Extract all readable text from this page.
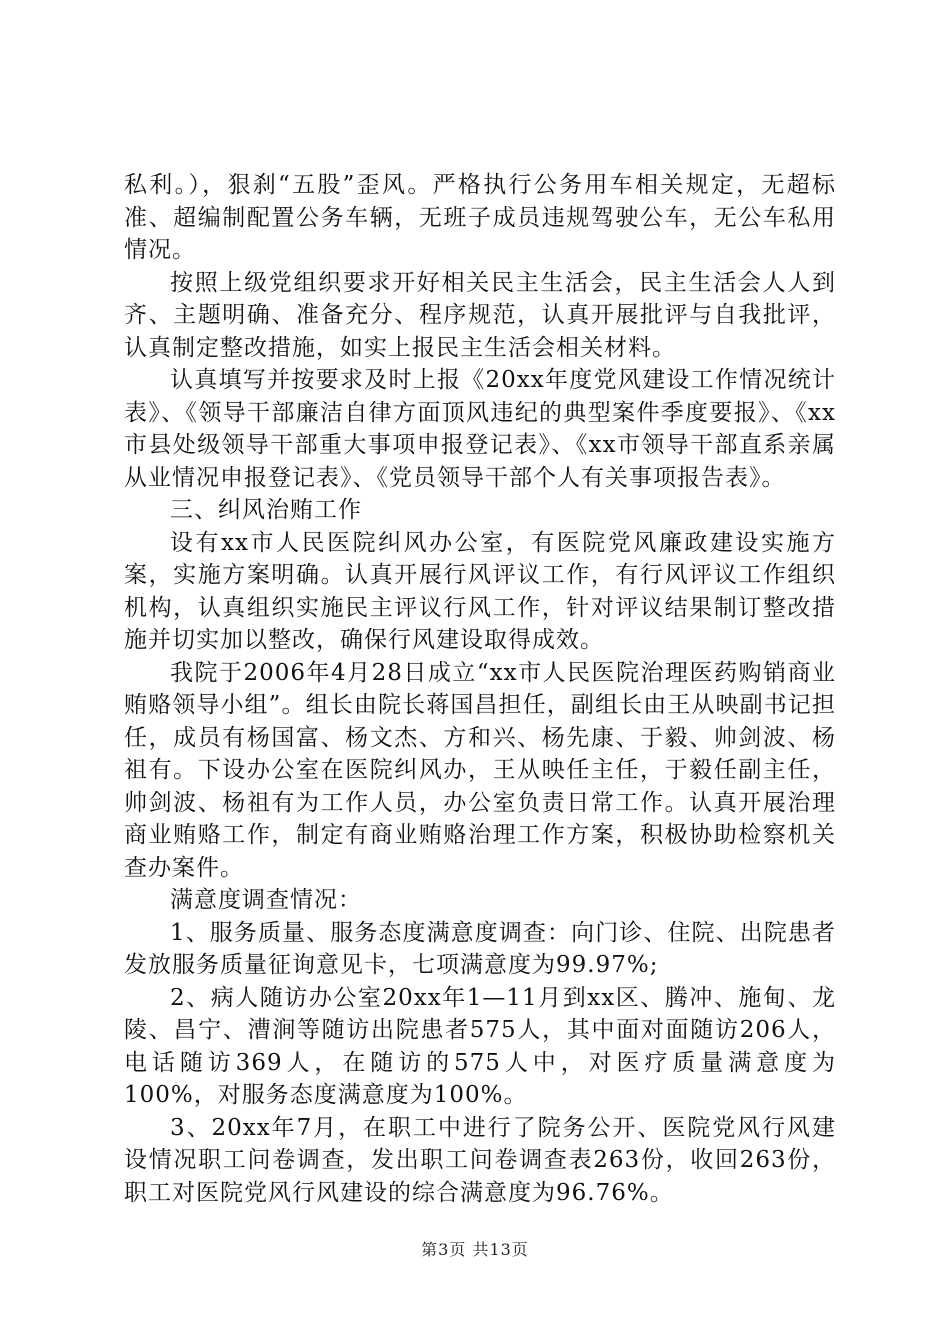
私利。），狠刹“五股”歪风。严格执行公务用车相关规定，无超标准、超编制配置公务车辆，无班子成员违规驾驶公车，无公车私用情况。

按照上级党组织要求开好相关民主生活会，民主生活会人人到齐、主题明确、准备充分、程序规范，认真开展批评与自我批评，认真制定整改措施，如实上报民主生活会相关材料。

认真填写并按要求及时上报《20xx年度党风建设工作情况统计表》、《领导干部廉洁自律方面顶风违纪的典型案件季度要报》、《xx市县处级领导干部重大事项申报登记表》、《xx市领导干部直系亲属从业情况申报登记表》、《党员领导干部个人有关事项报告表》。

三、纠风治贿工作

设有xx市人民医院纠风办公室，有医院党风廉政建设实施方案，实施方案明确。认真开展行风评议工作，有行风评议工作组织机构，认真组织实施民主评议行风工作，针对评议结果制订整改措施并切实加以整改，确保行风建设取得成效。

我院于2006年4月28日成立“xx市人民医院治理医药购销商业贿赂领导小组”。组长由院长蒋国昌担任，副组长由王从映副书记担任，成员有杨国富、杨文杰、方和兴、杨先康、于毅、帅剑波、杨祖有。下设办公室在医院纠风办，王从映任主任，于毅任副主任，帅剑波、杨祖有为工作人员，办公室负责日常工作。认真开展治理商业贿赂工作，制定有商业贿赂治理工作方案，积极协助检察机关查办案件。

满意度调查情况：

1、服务质量、服务态度满意度调查：向门诊、住院、出院患者发放服务质量征询意见卡，七项满意度为99.97%;

2、病人随访办公室20xx年1—11月到xx区、腾冲、施甸、龙陵、昌宁、漕涧等随访出院患者575人，其中面对面随访206人，电话随访369人，在随访的575人中，对医疗质量满意度为100%，对服务态度满意度为100%。

3、20xx年7月，在职工中进行了院务公开、医院党风行风建设情况职工问卷调查，发出职工问卷调查表263份，收回263份，职工对医院党风行风建设的综合满意度为96.76%。

第3页 共13页
